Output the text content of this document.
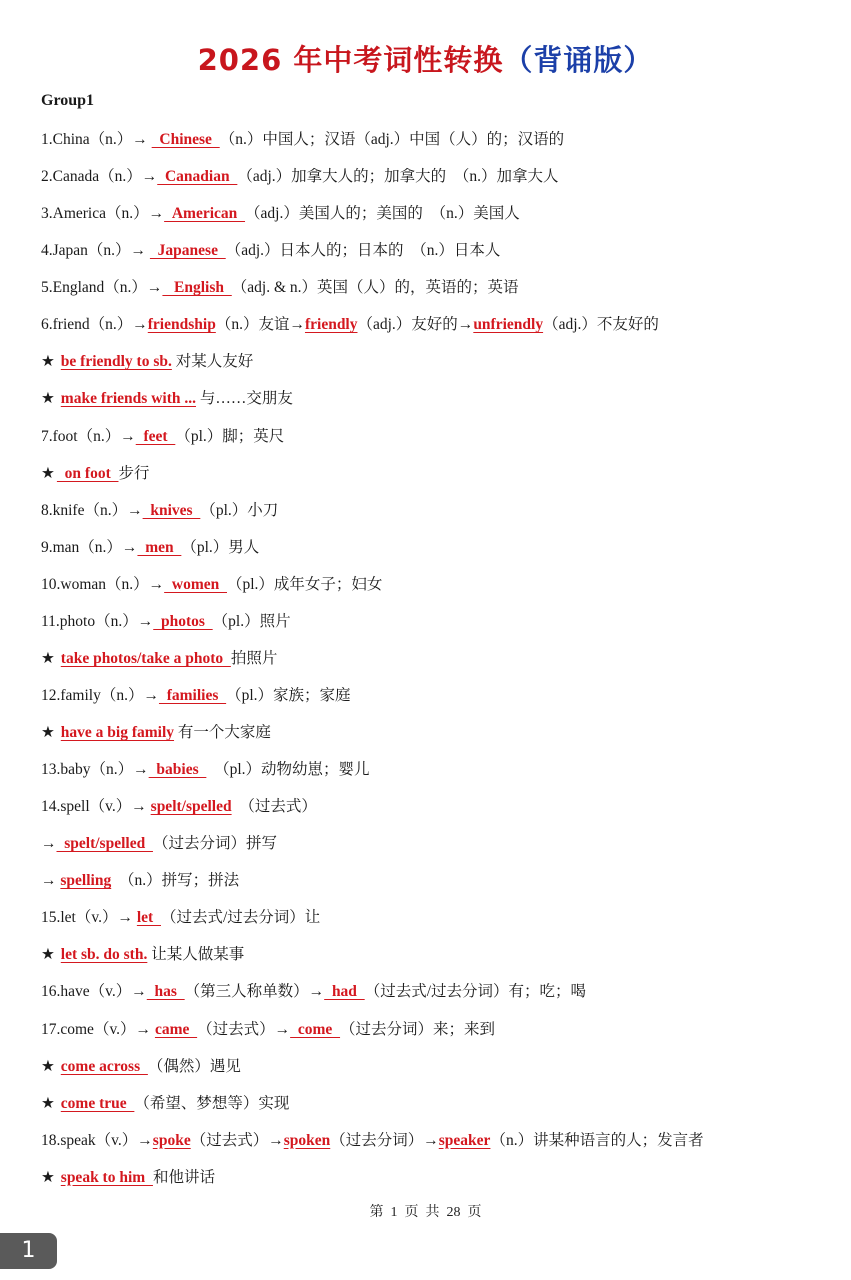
2026 年中考词性转换（背诵版）
Group1
1.China（n.）→   Chinese  （n.）中国人；汉语（adj.）中国（人）的；汉语的
2.Canada（n.）→  Canadian  （adj.）加拿大人的；加拿大的　（n.）加拿大人
3.America（n.）→  American  （adj.）美国人的；美国的　（n.）美国人
4.Japan（n.）→   Japanese  （adj.）日本人的；日本的　（n.）日本人
5.England（n.）→   English  （adj. & n.）英国（人）的，英语的；英语
6.friend（n.）→friendship（n.）友谊→friendly（adj.）友好的→unfriendly（adj.）不友好的
★ be friendly to sb. 对某人友好
★ make friends with ... 与……交朋友
7.foot（n.）→  feet  （pl.）脚；英尺
★  on foot  步行
8.knife（n.）→  knives  （pl.）小刀
9.man（n.）→  men  （pl.）男人
10.woman（n.）→  women  （pl.）成年女子；妇女
11.photo（n.）→  photos  （pl.）照片
★ take photos/take a photo  拍照片
12.family（n.）→  families  （pl.）家族；家庭
★ have a big family 有一个大家庭
13.baby（n.）→  babies  　（pl.）动物幼崽；婴儿
14.spell（v.）→ spelt/spelled　（过去式）
→  spelt/spelled  （过去分词）拼写
→ spelling　（n.）拼写；拼法
15.let（v.）→ let  （过去式/过去分词）让
★ let sb. do sth. 让某人做某事
16.have（v.）→  has  （第三人称单数）→  had  （过去式/过去分词）有；吃；喝
17.come（v.）→ came  （过去式）→  come  （过去分词）来；来到
★ come across  （偶然）遇见
★ come true  （希望、梦想等）实现
18.speak（v.）→spoke（过去式）→spoken（过去分词）→speaker（n.）讲某种语言的人；发言者
★ speak to him  和他讲话
第  1  页  共  28  页
1
